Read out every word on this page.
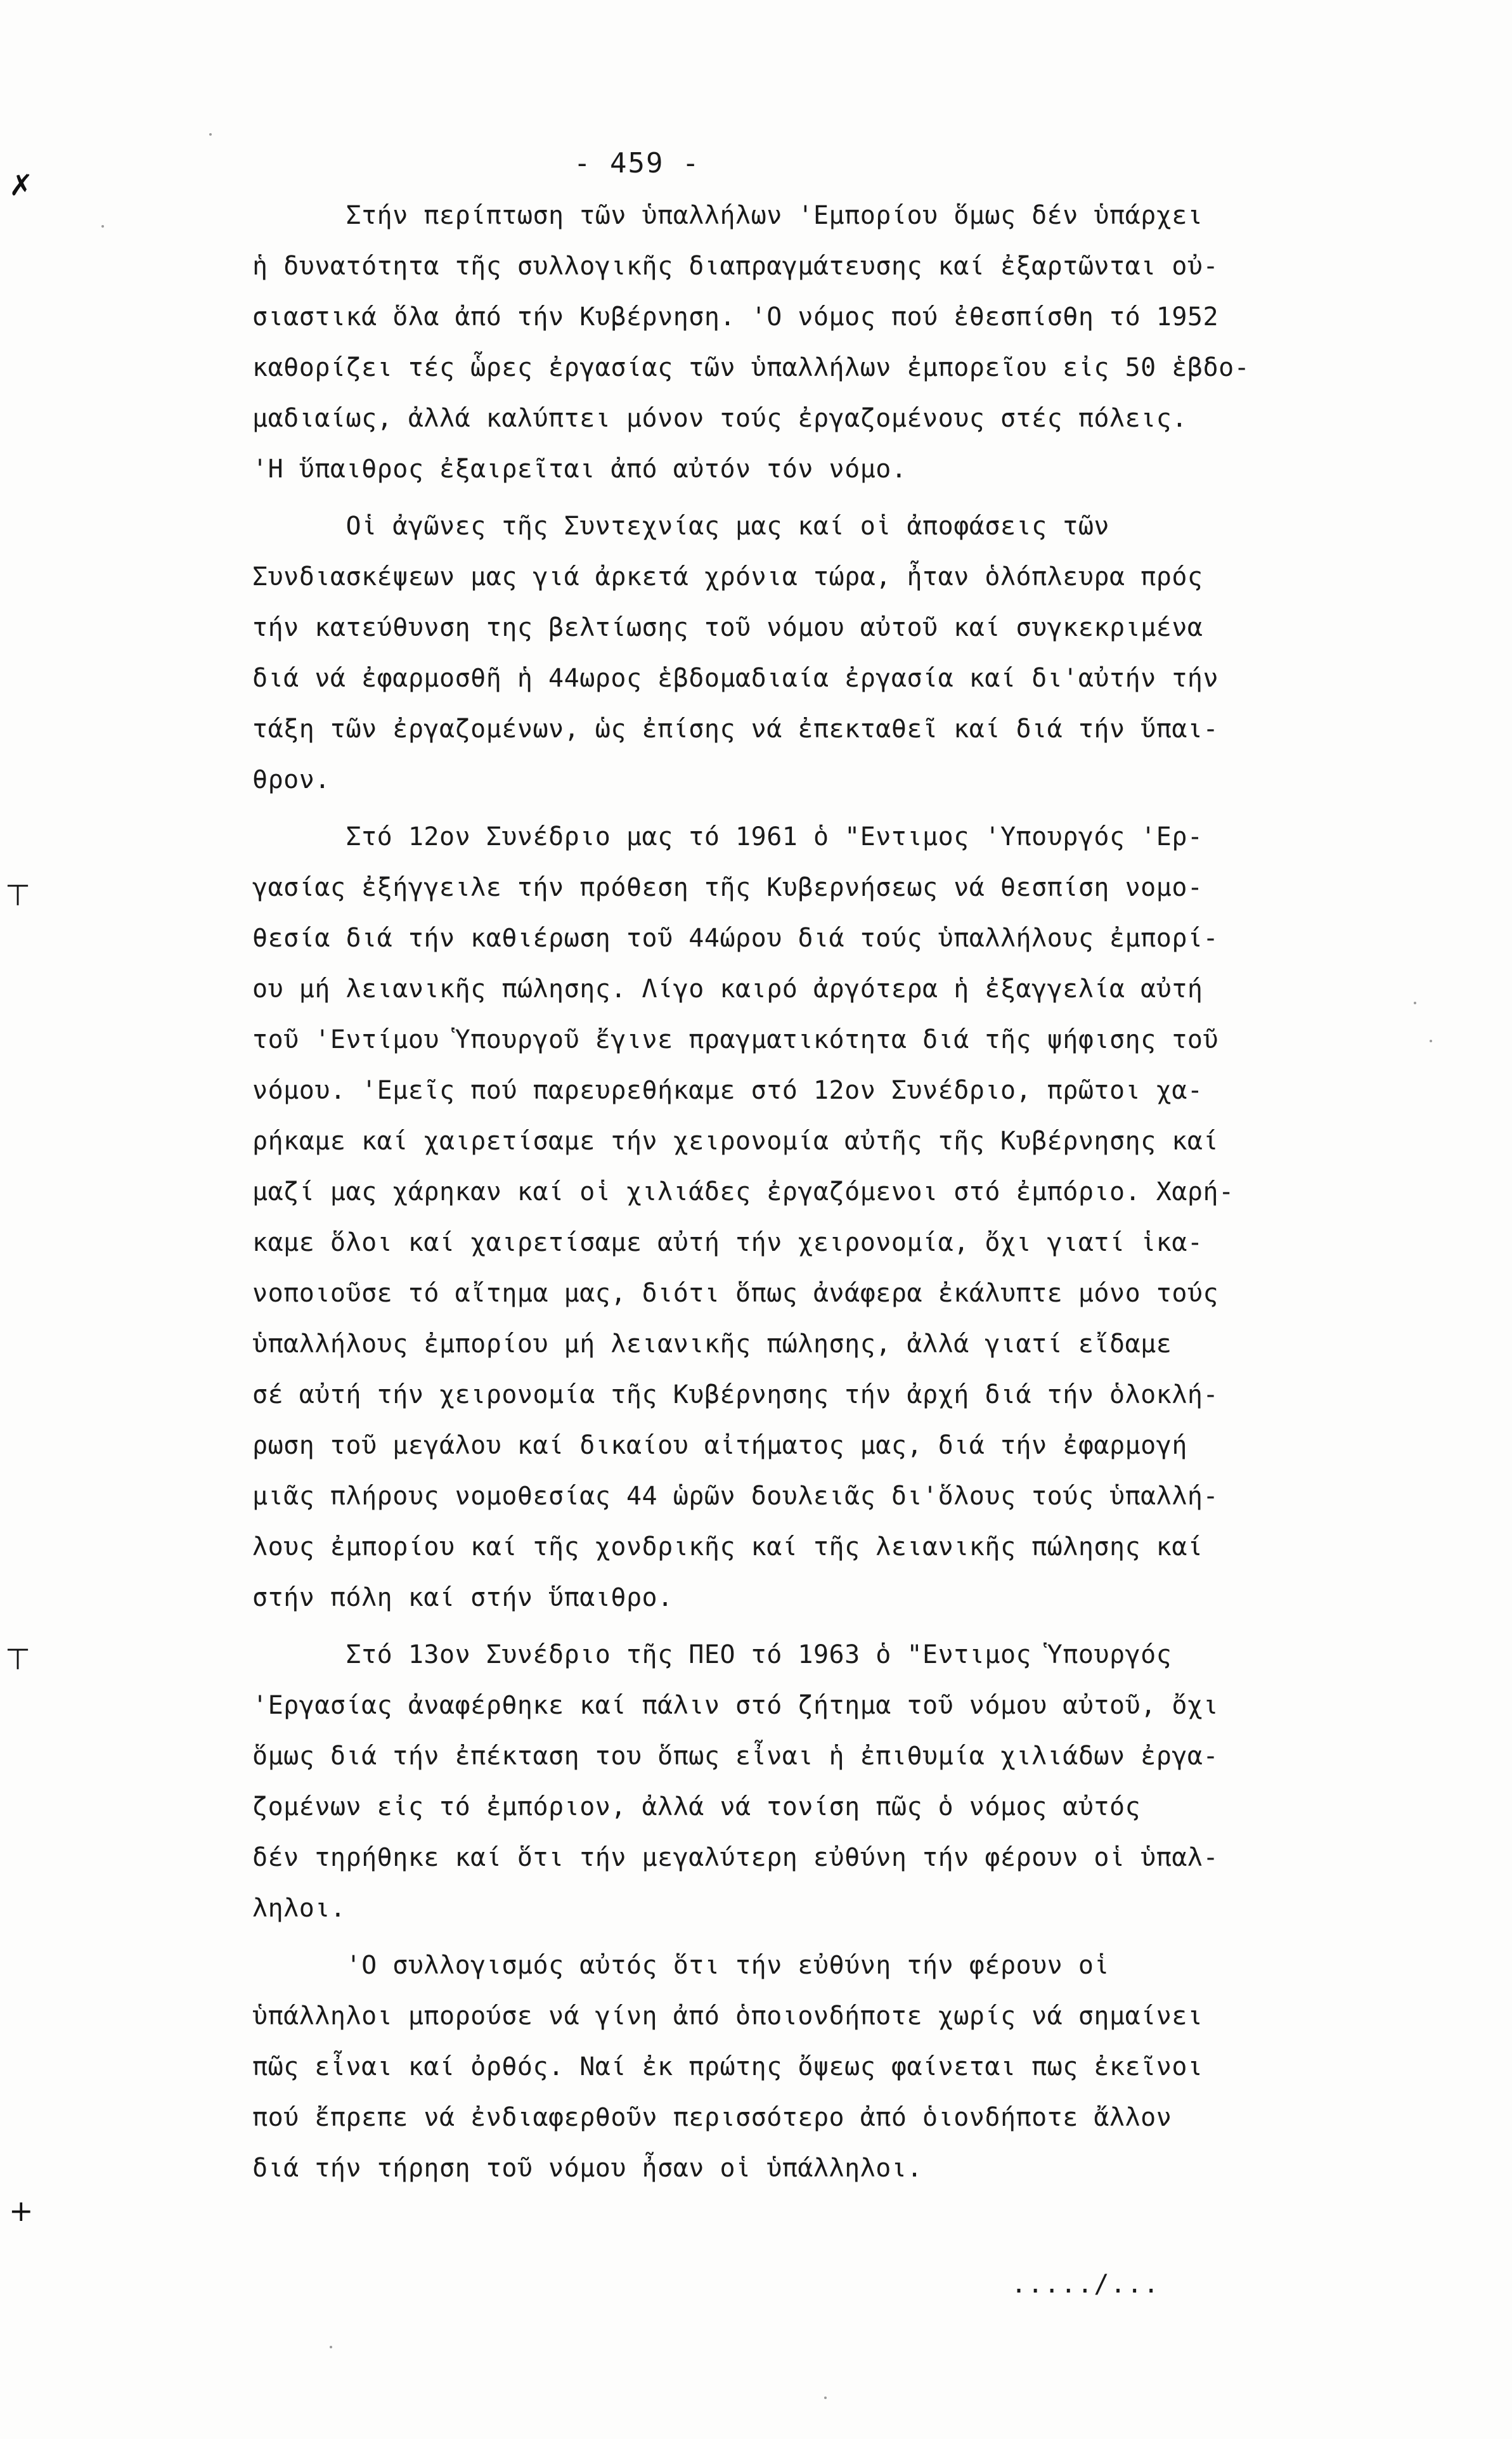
- 459 -
✗
⊤
⊤
+
Στήν περίπτωση τῶν ὑπαλλήλων 'Εμπορίου ὅμως δέν ὑπάρχει
ἡ δυνατότητα τῆς συλλογικῆς διαπραγμάτευσης καί ἐξαρτῶνται οὐ-
σιαστικά ὅλα ἀπό τήν Κυβέρνηση. 'Ο νόμος πού ἐθεσπίσθη τό 1952
καθορίζει τές ὧρες ἐργασίας τῶν ὑπαλλήλων ἐμπορεῖου εἰς 50 ἑβδο-
μαδιαίως, ἀλλά καλύπτει μόνον τούς ἐργαζομένους στές πόλεις.
'Η ὕπαιθρος ἐξαιρεῖται ἀπό αὐτόν τόν νόμο.
Οἱ ἀγῶνες τῆς Συντεχνίας μας καί οἱ ἀποφάσεις τῶν
Συνδιασκέψεων μας γιά ἀρκετά χρόνια τώρα, ἦταν ὁλόπλευρα πρός
τήν κατεύθυνση της βελτίωσης τοῦ νόμου αὐτοῦ καί συγκεκριμένα
διά νά ἐφαρμοσθῆ ἡ 44ωρος ἑβδομαδιαία ἐργασία καί δι'αὐτήν τήν
τάξη τῶν ἐργαζομένων, ὡς ἐπίσης νά ἐπεκταθεῖ καί διά τήν ὕπαι-
θρον.
Στό 12ον Συνέδριο μας τό 1961 ὁ "Εντιμος 'Υπουργός 'Ερ-
γασίας ἐξήγγειλε τήν πρόθεση τῆς Κυβερνήσεως νά θεσπίση νομο-
θεσία διά τήν καθιέρωση τοῦ 44ώρου διά τούς ὑπαλλήλους ἐμπορί-
ου μή λειανικῆς πώλησης. Λίγο καιρό ἀργότερα ἡ ἐξαγγελία αὐτή
τοῦ 'Εντίμου Ὑπουργοῦ ἔγινε πραγματικότητα διά τῆς ψήφισης τοῦ
νόμου. 'Εμεῖς πού παρευρεθήκαμε στό 12ον Συνέδριο, πρῶτοι χα-
ρήκαμε καί χαιρετίσαμε τήν χειρονομία αὐτῆς τῆς Κυβέρνησης καί
μαζί μας χάρηκαν καί οἱ χιλιάδες ἐργαζόμενοι στό ἐμπόριο. Χαρή-
καμε ὅλοι καί χαιρετίσαμε αὐτή τήν χειρονομία, ὄχι γιατί ἱκα-
νοποιοῦσε τό αἴτημα μας, διότι ὅπως ἀνάφερα ἐκάλυπτε μόνο τούς
ὑπαλλήλους ἐμπορίου μή λειανικῆς πώλησης, ἀλλά γιατί εἴδαμε
σέ αὐτή τήν χειρονομία τῆς Κυβέρνησης τήν ἀρχή διά τήν ὁλοκλή-
ρωση τοῦ μεγάλου καί δικαίου αἰτήματος μας, διά τήν ἐφαρμογή
μιᾶς πλήρους νομοθεσίας 44 ὡρῶν δουλειᾶς δι'ὅλους τούς ὑπαλλή-
λους ἐμπορίου καί τῆς χονδρικῆς καί τῆς λειανικῆς πώλησης καί
στήν πόλη καί στήν ὕπαιθρο.
Στό 13ον Συνέδριο τῆς ΠΕΟ τό 1963 ὁ "Εντιμος Ὑπουργός
'Εργασίας ἀναφέρθηκε καί πάλιν στό ζήτημα τοῦ νόμου αὐτοῦ, ὄχι
ὅμως διά τήν ἐπέκταση του ὅπως εἶναι ἡ ἐπιθυμία χιλιάδων ἐργα-
ζομένων εἰς τό ἐμπόριον, ἀλλά νά τονίση πῶς ὁ νόμος αὐτός
δέν τηρήθηκε καί ὅτι τήν μεγαλύτερη εὐθύνη τήν φέρουν οἱ ὑπαλ-
ληλοι.
'Ο συλλογισμός αὐτός ὅτι τήν εὐθύνη τήν φέρουν οἱ
ὑπάλληλοι μπορούσε νά γίνη ἀπό ὁποιονδήποτε χωρίς νά σημαίνει
πῶς εἶναι καί ὀρθός. Ναί ἐκ πρώτης ὄψεως φαίνεται πως ἐκεῖνοι
πού ἔπρεπε νά ἐνδιαφερθοῦν περισσότερο ἀπό ὁιονδήποτε ἄλλον
διά τήν τήρηση τοῦ νόμου ἦσαν οἱ ὑπάλληλοι.
...../...
